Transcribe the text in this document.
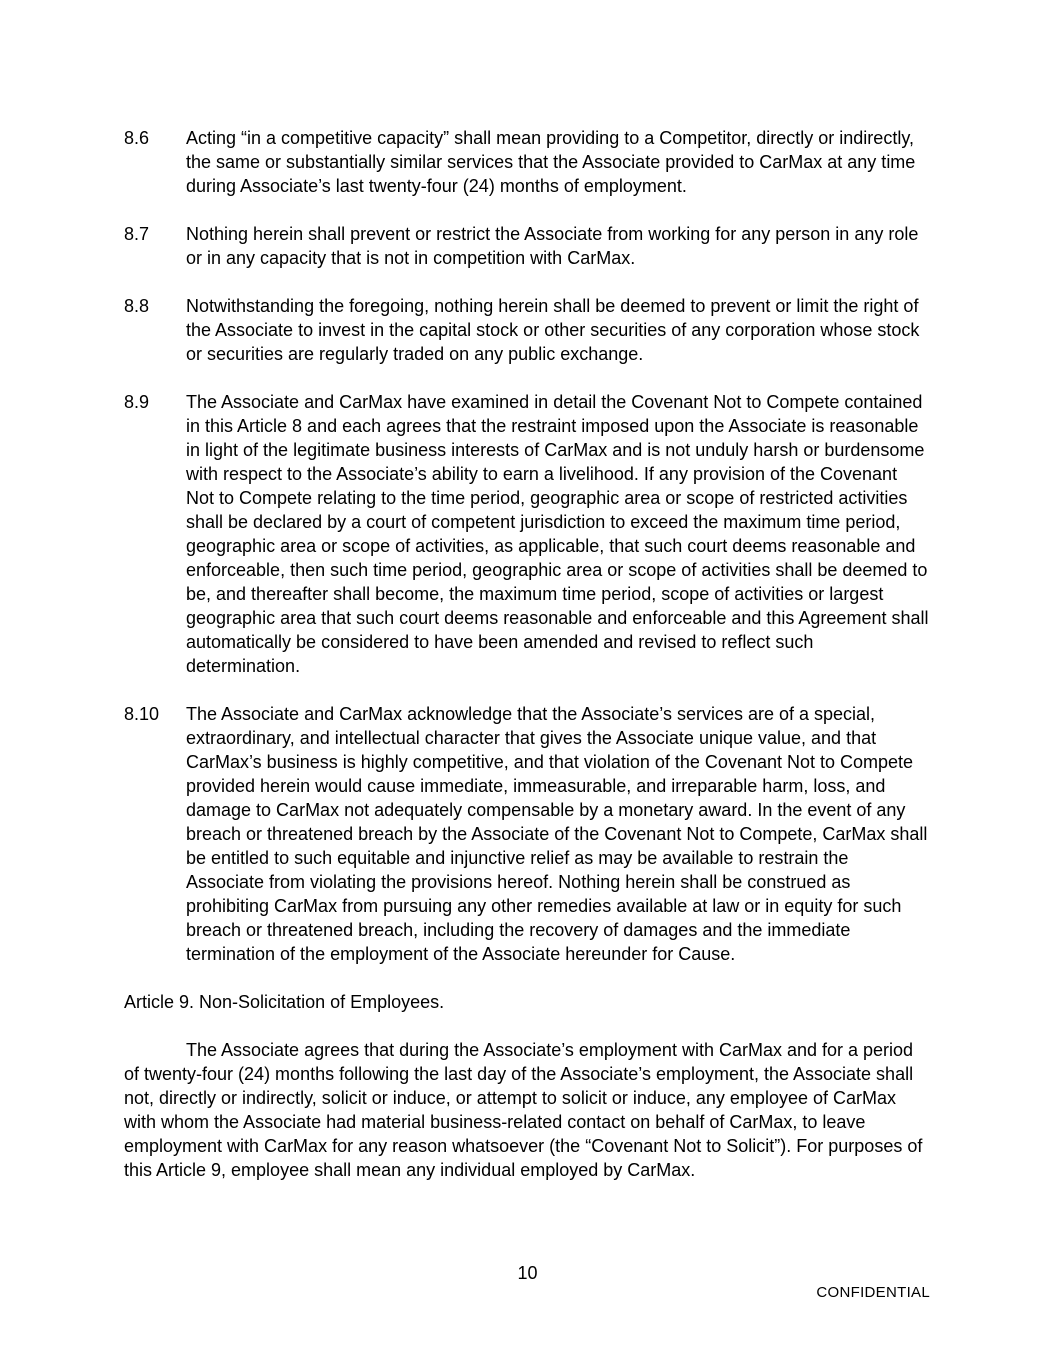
8.6 Acting “in a competitive capacity” shall mean providing to a Competitor, directly or indirectly, the same or substantially similar services that the Associate provided to CarMax at any time during Associate’s last twenty-four (24) months of employment.
8.7 Nothing herein shall prevent or restrict the Associate from working for any person in any role or in any capacity that is not in competition with CarMax.
8.8 Notwithstanding the foregoing, nothing herein shall be deemed to prevent or limit the right of the Associate to invest in the capital stock or other securities of any corporation whose stock or securities are regularly traded on any public exchange.
8.9 The Associate and CarMax have examined in detail the Covenant Not to Compete contained in this Article 8 and each agrees that the restraint imposed upon the Associate is reasonable in light of the legitimate business interests of CarMax and is not unduly harsh or burdensome with respect to the Associate’s ability to earn a livelihood. If any provision of the Covenant Not to Compete relating to the time period, geographic area or scope of restricted activities shall be declared by a court of competent jurisdiction to exceed the maximum time period, geographic area or scope of activities, as applicable, that such court deems reasonable and enforceable, then such time period, geographic area or scope of activities shall be deemed to be, and thereafter shall become, the maximum time period, scope of activities or largest geographic area that such court deems reasonable and enforceable and this Agreement shall automatically be considered to have been amended and revised to reflect such determination.
8.10 The Associate and CarMax acknowledge that the Associate’s services are of a special, extraordinary, and intellectual character that gives the Associate unique value, and that CarMax’s business is highly competitive, and that violation of the Covenant Not to Compete provided herein would cause immediate, immeasurable, and irreparable harm, loss, and damage to CarMax not adequately compensable by a monetary award. In the event of any breach or threatened breach by the Associate of the Covenant Not to Compete, CarMax shall be entitled to such equitable and injunctive relief as may be available to restrain the Associate from violating the provisions hereof. Nothing herein shall be construed as prohibiting CarMax from pursuing any other remedies available at law or in equity for such breach or threatened breach, including the recovery of damages and the immediate termination of the employment of the Associate hereunder for Cause.
Article 9. Non-Solicitation of Employees.

The Associate agrees that during the Associate’s employment with CarMax and for a period of twenty-four (24) months following the last day of the Associate’s employment, the Associate shall not, directly or indirectly, solicit or induce, or attempt to solicit or induce, any employee of CarMax with whom the Associate had material business-related contact on behalf of CarMax, to leave employment with CarMax for any reason whatsoever (the “Covenant Not to Solicit”). For purposes of this Article 9, employee shall mean any individual employed by CarMax.

10
CONFIDENTIAL
